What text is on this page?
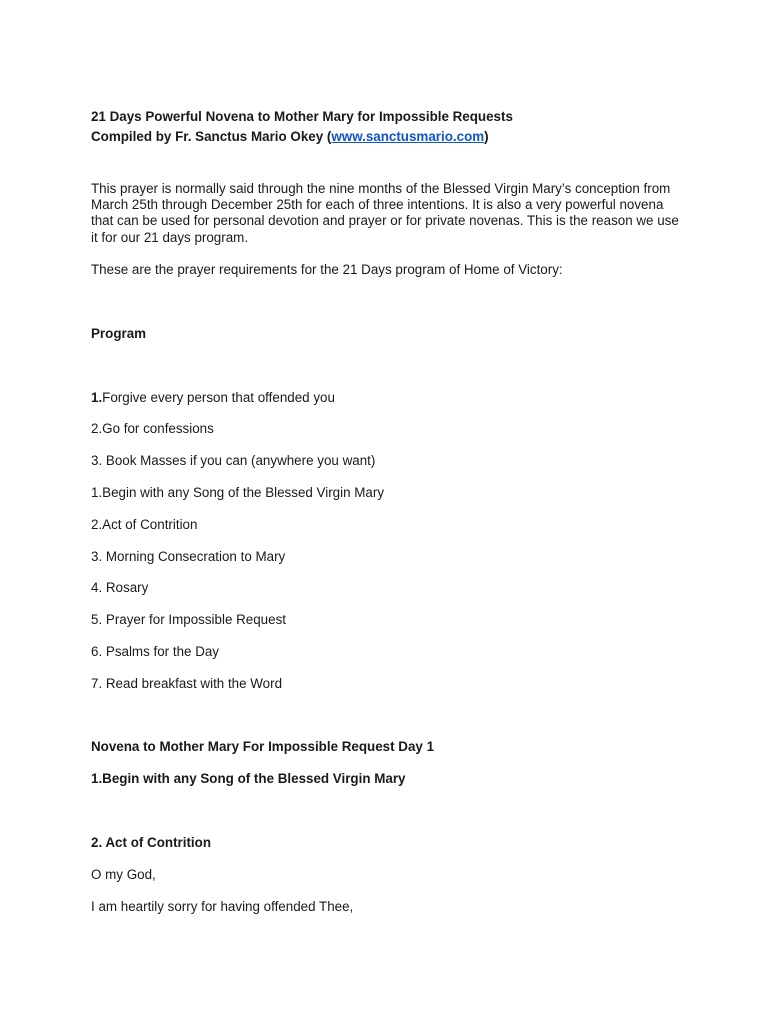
21 Days Powerful Novena to Mother Mary for Impossible Requests
Compiled by Fr. Sanctus Mario Okey (www.sanctusmario.com)
This prayer is normally said through the nine months of the Blessed Virgin Mary’s conception from March 25th through December 25th for each of three intentions. It is also a very powerful novena that can be used for personal devotion and prayer or for private novenas. This is the reason we use it for our 21 days program.
These are the prayer requirements for the 21 Days program of Home of Victory:
Program
1.Forgive every person that offended you
2.Go for confessions
3. Book Masses if you can (anywhere you want)
1.Begin with any Song of the Blessed Virgin Mary
2.Act of Contrition
3. Morning Consecration to Mary
4. Rosary
5. Prayer for Impossible Request
6. Psalms for the Day
7. Read breakfast with the Word
Novena to Mother Mary For Impossible Request Day 1
1.Begin with any Song of the Blessed Virgin Mary
2. Act of Contrition
O my God,
I am heartily sorry for having offended Thee,
